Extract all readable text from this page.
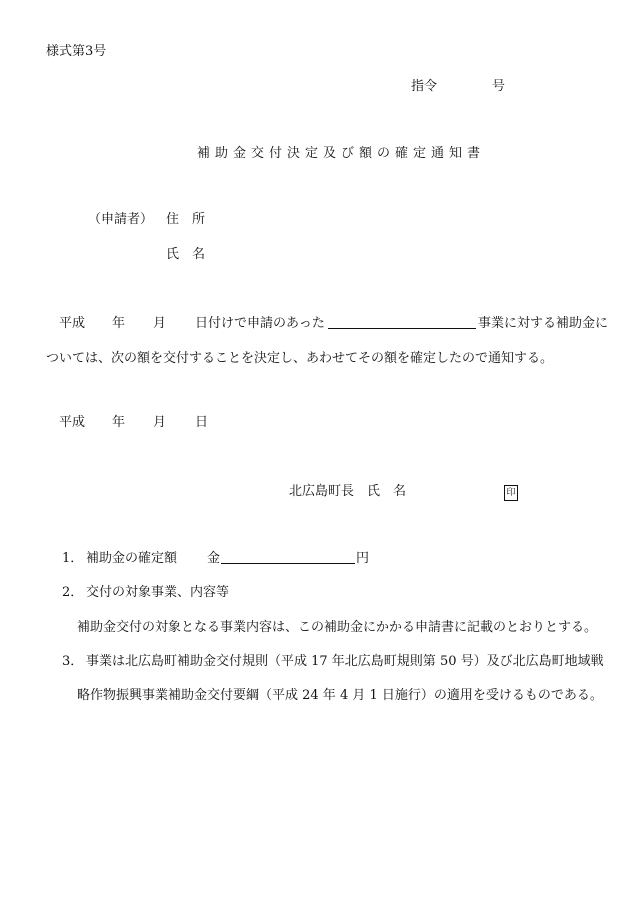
様式第3号
指令	号
補助金交付決定及び額の確定通知書
（申請者） 住　所
氏　名
平成 年 月 日付けで申請のあった	事業に対する補助金に
ついては、次の額を交付することを決定し、あわせてその額を確定したので通知する。
平成 年 月 日
北広島町長　氏　名	印
1． 補助金の確定額 金	円
2． 交付の対象事業、内容等
補助金交付の対象となる事業内容は、この補助金にかかる申請書に記載のとおりとする。
3． 事業は北広島町補助金交付規則（平成 17 年北広島町規則第 50 号）及び北広島町地域戦
略作物振興事業補助金交付要綱（平成 24 年 4 月 1 日施行）の適用を受けるものである。
